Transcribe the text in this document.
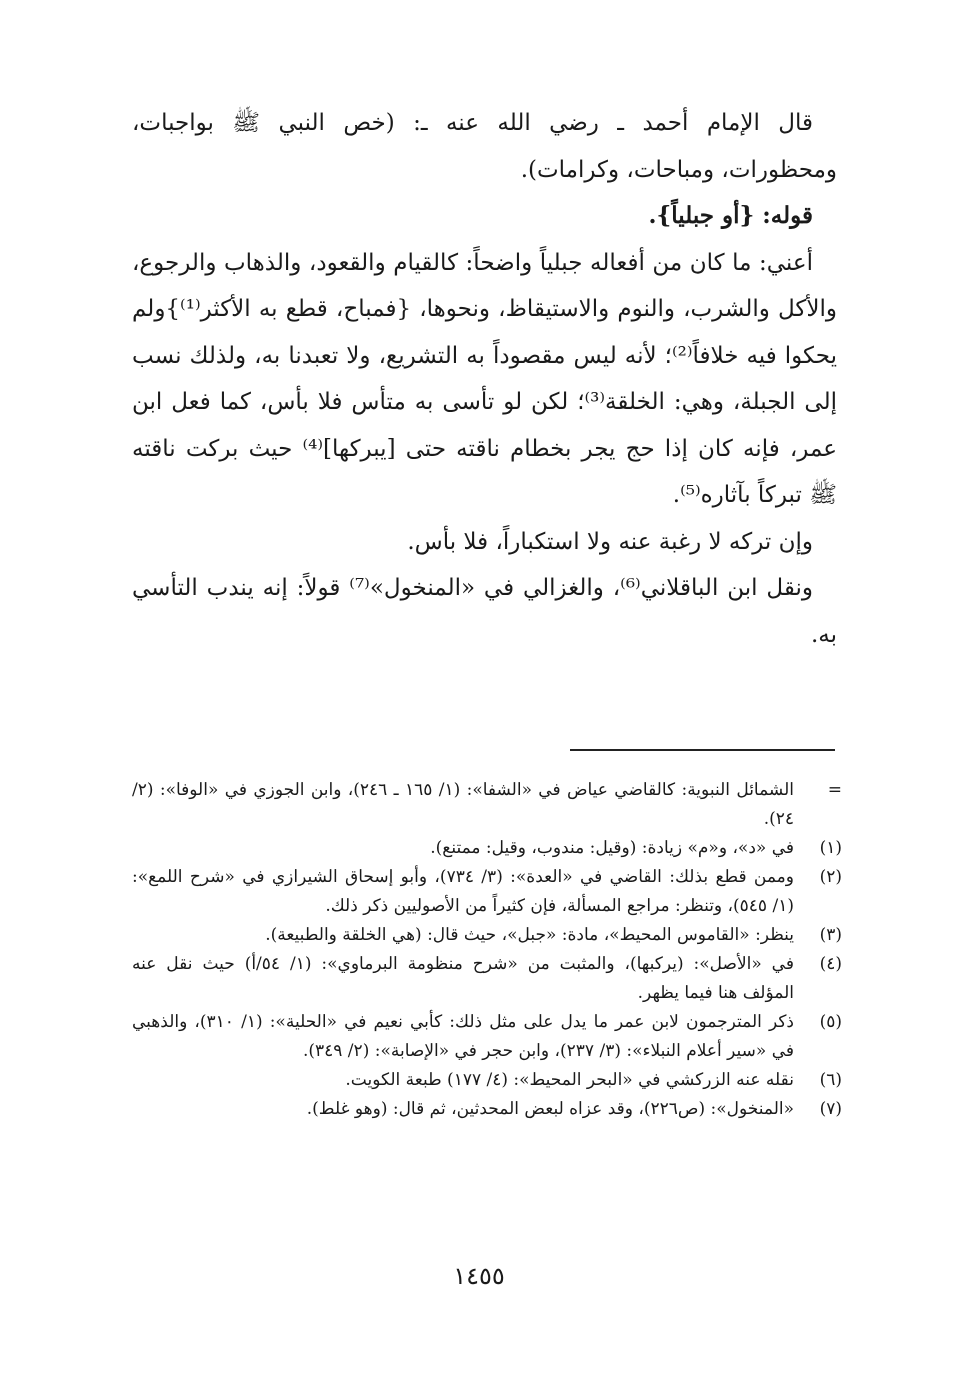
قال الإمام أحمد ـ رضي الله عنه ـ: (خص النبي ﷺ بواجبات، ومحظورات، ومباحات، وكرامات).

قوله: {أو جبلياً}.

أعني: ما كان من أفعاله جبلياً واضحاً: كالقيام والقعود، والذهاب والرجوع، والأكل والشرب، والنوم والاستيقاظ، ونحوها، {فمباح، قطع به الأكثر⁽¹⁾}ولم يحكوا فيه خلافاً⁽²⁾؛ لأنه ليس مقصوداً به التشريع، ولا تعبدنا به، ولذلك نسب إلى الجبلة، وهي: الخلقة⁽³⁾؛ لكن لو تأسى به متأس فلا بأس، كما فعل ابن عمر، فإنه كان إذا حج يجر بخطام ناقته حتى [يبركها]⁽⁴⁾ حيث بركت ناقته ﷺ تبركاً بآثاره⁽⁵⁾.

وإن تركه لا رغبة عنه ولا استكباراً، فلا بأس.

ونقل ابن الباقلاني⁽⁶⁾، والغزالي في «المنخول»⁽⁷⁾ قولاً: إنه يندب التأسي به.

=
الشمائل النبوية: كالقاضي عياض في «الشفا»: (١/ ١٦٥ ـ ٢٤٦)، وابن الجوزي في «الوفا»: (٢/ ٢٤).
(١)
في «د»، و«م» زيادة: (وقيل: مندوب، وقيل: ممتنع).
(٢)
وممن قطع بذلك: القاضي في «العدة»: (٣/ ٧٣٤)، وأبو إسحاق الشيرازي في «شرح اللمع»: (١/ ٥٤٥)، وتنظر: مراجع المسألة، فإن كثيراً من الأصوليين ذكر ذلك.
(٣)
ينظر: «القاموس المحيط»، مادة: «جبل»، حيث قال: (هي الخلقة والطبيعة).
(٤)
في «الأصل»: (يركبها)، والمثبت من «شرح منظومة البرماوي»: (١/ ٥٤/أ) حيث نقل عنه المؤلف هنا فيما يظهر.
(٥)
ذكر المترجمون لابن عمر ما يدل على مثل ذلك: كأبي نعيم في «الحلية»: (١/ ٣١٠)، والذهبي في «سير أعلام النبلاء»: (٣/ ٢٣٧)، وابن حجر في «الإصابة»: (٢/ ٣٤٩).
(٦)
نقله عنه الزركشي في «البحر المحيط»: (٤/ ١٧٧) طبعة الكويت.
(٧)
«المنخول»: (ص٢٢٦)، وقد عزاه لبعض المحدثين، ثم قال: (وهو غلط).
١٤٥٥
